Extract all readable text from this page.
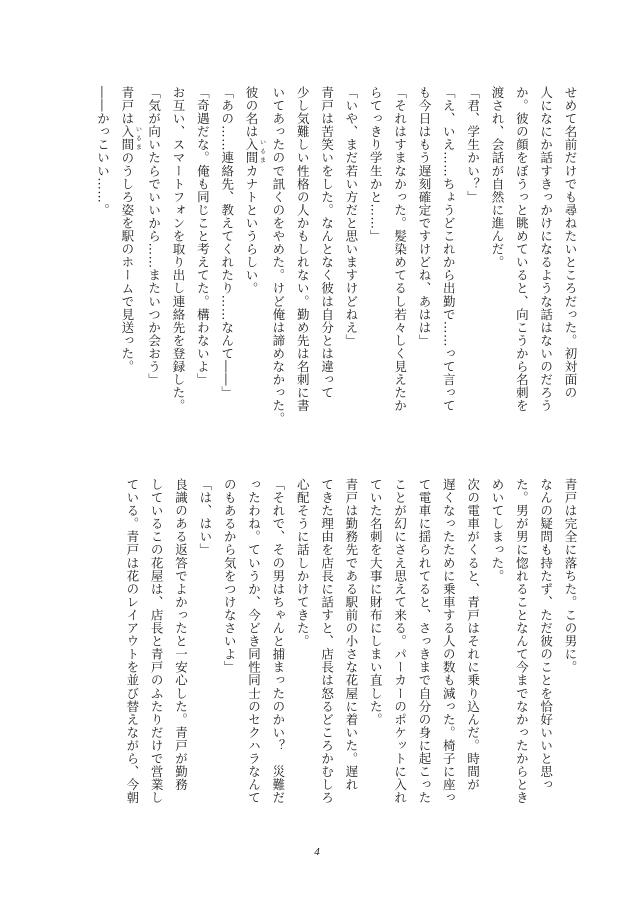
せめて名前だけでも尋ねたいところだった。初対面の
人になにか話すきっかけになるような話はないのだろう
か。彼の顔をぼうっと眺めていると、向こうから名刺を
渡され、会話が自然に進んだ。
「君、学生かい？」
「え、いえ……ちょうどこれから出勤で……って言って
も今日はもう遅刻確定ですけどね、あはは」
「それはすまなかった。髪染めてるし若々しく見えたか
らてっきり学生かと……」
「いや、まだ若い方だと思いますけどねえ」
青戸は苦笑いをした。なんとなく彼は自分とは違って
少し気難しい性格の人かもしれない。勤め先は名刺に書
いてあったので訊くのをやめた。けど俺は諦めなかった。
彼の名は入間 いるまカナトというらしい。
「あの……連絡先、教えてくれたり……なんて――」
「奇遇だな。俺も同じこと考えてた。構わないよ」
お互い、スマートフォンを取り出し連絡先を登録した。
「気が向いたらでいいから……またいつか会おう」
青戸は入間 いるまのうしろ姿を駅のホームで見送った。
――かっこいい……。
青戸は完全に落ちた。この男に。
なんの疑問も持たず、ただ彼のことを恰好いいと思っ
た。男が男に惚れることなんて今までなかったからとき
めいてしまった。
次の電車がくると、青戸はそれに乗り込んだ。時間が
遅くなったために乗車する人の数も減った。椅子に座っ
て電車に揺られてると、さっきまで自分の身に起こった
ことが幻にさえ思えて来る。パーカーのポケットに入れ
ていた名刺を大事に財布にしまい直した。
青戸は勤務先である駅前の小さな花屋に着いた。遅れ
てきた理由を店長に話すと、店長は怒るどころかむしろ
心配そうに話しかけてきた。
「それで、その男はちゃんと捕まったのかい？　災難だ
ったわね。ていうか、今どき同性同士のセクハラなんて
のもあるから気をつけなさいよ」
「は、はい」
良識のある返答でよかったと一安心した。青戸が勤務
しているこの花屋は、店長と青戸のふたりだけで営業し
ている。青戸は花のレイアウトを並び替えながら、今朝
4
